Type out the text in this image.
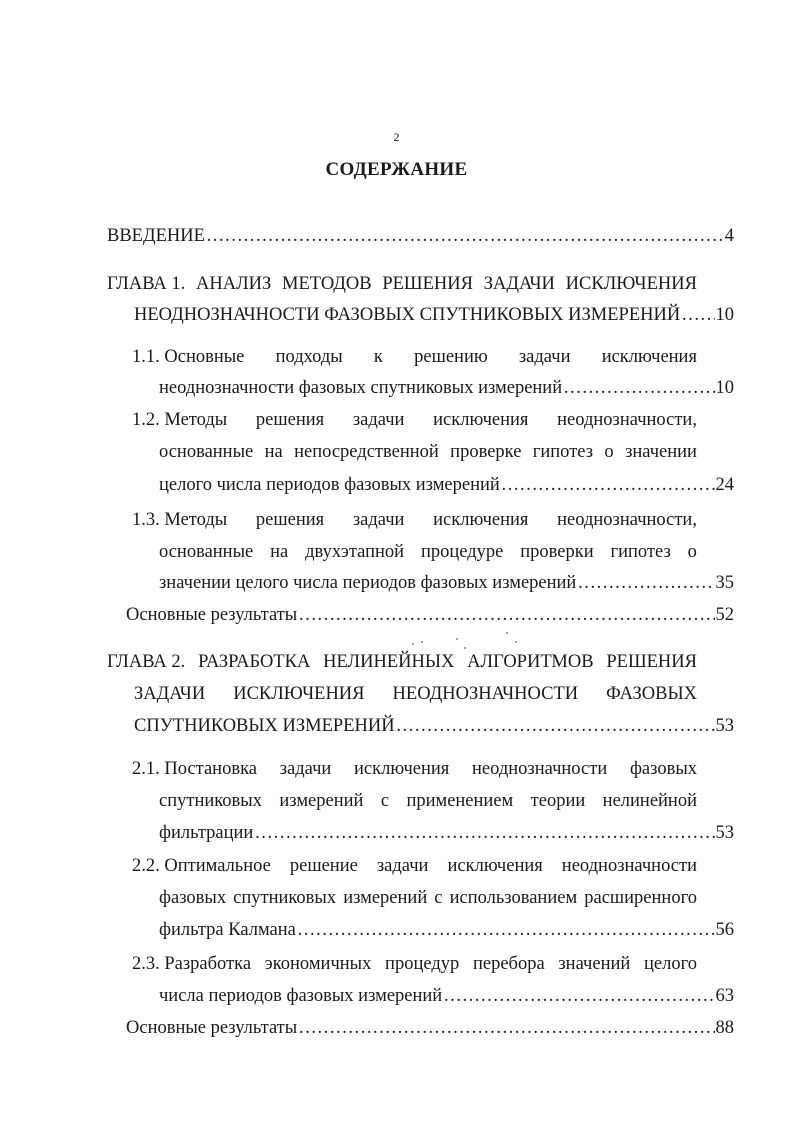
2
СОДЕРЖАНИЕ
ВВЕДЕНИЕ …………………………………………………………………………………………………………………………………………………………………………………	4
ГЛАВА 1. АНАЛИЗ МЕТОДОВ РЕШЕНИЯ ЗАДАЧИ ИСКЛЮЧЕНИЯ
НЕОДНОЗНАЧНОСТИ ФАЗОВЫХ СПУТНИКОВЫХ ИЗМЕРЕНИЙ ………………………………………………………………………………………………………………………………………………………………………………… 10
1.1. Основные подходы к решению задачи исключения
неоднозначности фазовых спутниковых измерений …………………………………………………………………………………………………………………………………………………………………………………	10
1.2. Методы решения задачи исключения неоднозначности,
основанные на непосредственной проверке гипотез о значении
целого числа периодов фазовых измерений …………………………………………………………………………………………………………………………………………………………………………………	24
1.3. Методы решения задачи исключения неоднозначности,
основанные на двухэтапной процедуре проверки гипотез о
значении целого числа периодов фазовых измерений …………………………………………………………………………………………………………………………………………………………………………………	35
Основные результаты …………………………………………………………………………………………………………………………………………………………………………………	52
ГЛАВА 2. РАЗРАБОТКА НЕЛИНЕЙНЫХ АЛГОРИТМОВ РЕШЕНИЯ
ЗАДАЧИ ИСКЛЮЧЕНИЯ НЕОДНОЗНАЧНОСТИ ФАЗОВЫХ
СПУТНИКОВЫХ ИЗМЕРЕНИЙ …………………………………………………………………………………………………………………………………………………………………………………	53
2.1. Постановка задачи исключения неоднозначности фазовых
спутниковых измерений с применением теории нелинейной
фильтрации …………………………………………………………………………………………………………………………………………………………………………………	53
2.2. Оптимальное решение задачи исключения неоднозначности
фазовых спутниковых измерений с использованием расширенного
фильтра Калмана …………………………………………………………………………………………………………………………………………………………………………………	56
2.3. Разработка экономичных процедур перебора значений целого
числа периодов фазовых измерений …………………………………………………………………………………………………………………………………………………………………………………	63
Основные результаты …………………………………………………………………………………………………………………………………………………………………………………	88
